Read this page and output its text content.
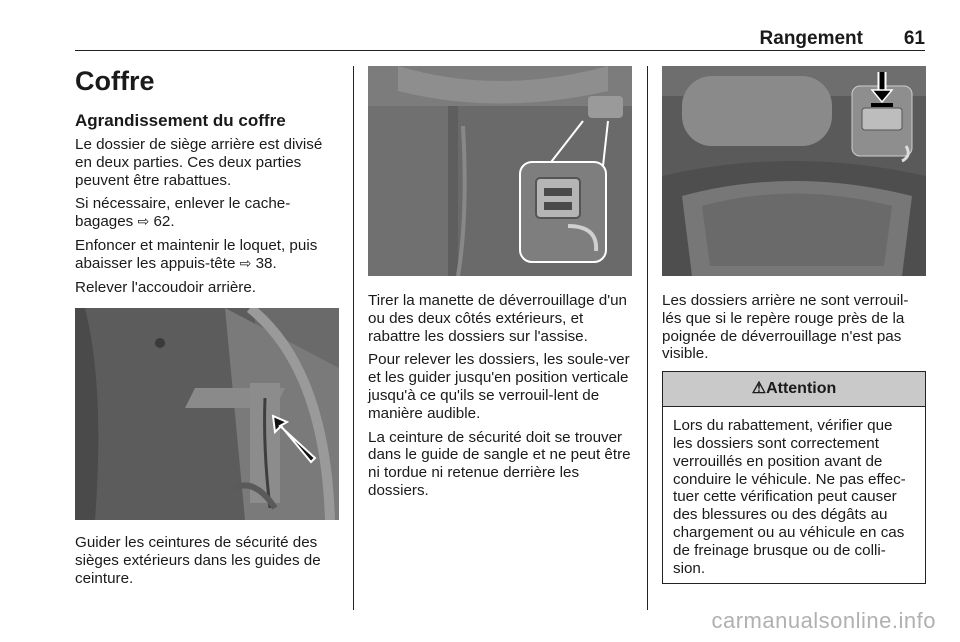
Rangement 61
Coffre
Agrandissement du coffre

Le dossier de siège arrière est divisé en deux parties. Ces deux parties peuvent être rabattues.

Si nécessaire, enlever le cache-bagages ⇨ 62.

Enfoncer et maintenir le loquet, puis abaisser les appuis-tête ⇨ 38.

Relever l'accoudoir arrière.

Guider les ceintures de sécurité des sièges extérieurs dans les guides de ceinture.

Tirer la manette de déverrouillage d'un ou des deux côtés extérieurs, et rabattre les dossiers sur l'assise.

Pour relever les dossiers, les soule-ver et les guider jusqu'en position verticale jusqu'à ce qu'ils se verrouil-lent de manière audible.

La ceinture de sécurité doit se trouver dans le guide de sangle et ne peut être ni tordue ni retenue derrière les dossiers.

Les dossiers arrière ne sont verrouil-lés que si le repère rouge près de la poignée de déverrouillage n'est pas visible.

⚠Attention

Lors du rabattement, vérifier que les dossiers sont correctement verrouillés en position avant de conduire le véhicule. Ne pas effec-tuer cette vérification peut causer des blessures ou des dégâts au chargement ou au véhicule en cas de freinage brusque ou de colli-sion.

carmanualsonline.info
